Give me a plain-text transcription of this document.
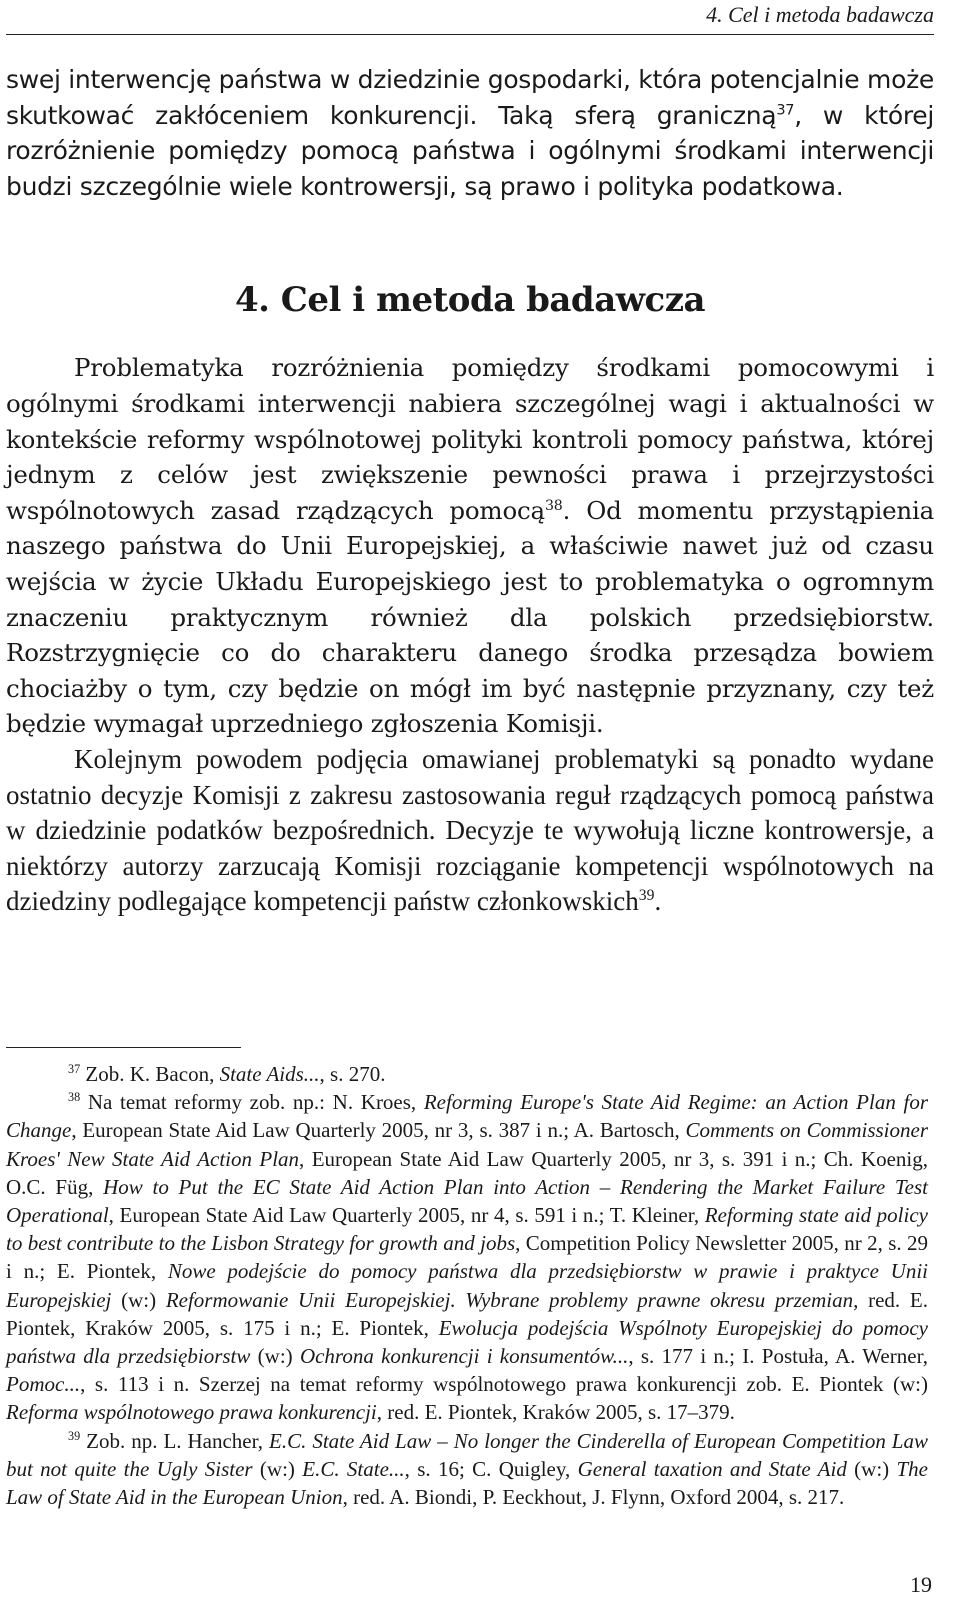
4. Cel i metoda badawcza

swej interwencję państwa w dziedzinie gospodarki, która potencjalnie może skutkować zakłóceniem konkurencji. Taką sferą graniczną$^{37}$, w której rozróżnienie pomiędzy pomocą państwa i ogólnymi środkami interwencji budzi szczególnie wiele kontrowersji, są prawo i polityka podatkowa.

4. Cel i metoda badawcza

Problematyka rozróżnienia pomiędzy środkami pomocowymi i ogólnymi środkami interwencji nabiera szczególnej wagi i aktualności w kontekście reformy wspólnotowej polityki kontroli pomocy państwa, której jednym z celów jest zwiększenie pewności prawa i przejrzystości wspólnotowych zasad rządzących pomocą$^{38}$. Od momentu przystąpienia naszego państwa do Unii Europejskiej, a właściwie nawet już od czasu wejścia w życie Układu Europejskiego jest to problematyka o ogromnym znaczeniu praktycznym również dla polskich przedsiębiorstw. Rozstrzygnięcie co do charakteru danego środka przesądza bowiem chociażby o tym, czy będzie on mógł im być następnie przyznany, czy też będzie wymagał uprzedniego zgłoszenia Komisji.

Kolejnym powodem podjęcia omawianej problematyki są ponadto wydane ostatnio decyzje Komisji z zakresu zastosowania reguł rządzących pomocą państwa w dziedzinie podatków bezpośrednich. Decyzje te wywołują liczne kontrowersje, a niektórzy autorzy zarzucają Komisji rozciąganie kompetencji wspólnotowych na dziedziny podlegające kompetencji państw członkowskich$^{39}$.

$^{37}$ Zob. K. Bacon, State Aids..., s. 270.

$^{38}$ Na temat reformy zob. np.: N. Kroes, Reforming Europe's State Aid Regime: an Action Plan for Change, European State Aid Law Quarterly 2005, nr 3, s. 387 i n.; A. Bartosch, Comments on Commissioner Kroes' New State Aid Action Plan, European State Aid Law Quarterly 2005, nr 3, s. 391 i n.; Ch. Koenig, O.C. Füg, How to Put the EC State Aid Action Plan into Action – Rendering the Market Failure Test Operational, European State Aid Law Quarterly 2005, nr 4, s. 591 i n.; T. Kleiner, Reforming state aid policy to best contribute to the Lisbon Strategy for growth and jobs, Competition Policy Newsletter 2005, nr 2, s. 29 i n.; E. Piontek, Nowe podejście do pomocy państwa dla przedsiębiorstw w prawie i praktyce Unii Europejskiej (w:) Reformowanie Unii Europejskiej. Wybrane problemy prawne okresu przemian, red. E. Piontek, Kraków 2005, s. 175 i n.; E. Piontek, Ewolucja podejścia Wspólnoty Europejskiej do pomocy państwa dla przedsiębiorstw (w:) Ochrona konkurencji i konsumentów..., s. 177 i n.; I. Postuła, A. Werner, Pomoc..., s. 113 i n. Szerzej na temat reformy wspólnotowego prawa konkurencji zob. E. Piontek (w:) Reforma wspólnotowego prawa konkurencji, red. E. Piontek, Kraków 2005, s. 17–379.

$^{39}$ Zob. np. L. Hancher, E.C. State Aid Law – No longer the Cinderella of European Competition Law but not quite the Ugly Sister (w:) E.C. State..., s. 16; C. Quigley, General taxation and State Aid (w:) The Law of State Aid in the European Union, red. A. Biondi, P. Eeckhout, J. Flynn, Oxford 2004, s. 217.

19
